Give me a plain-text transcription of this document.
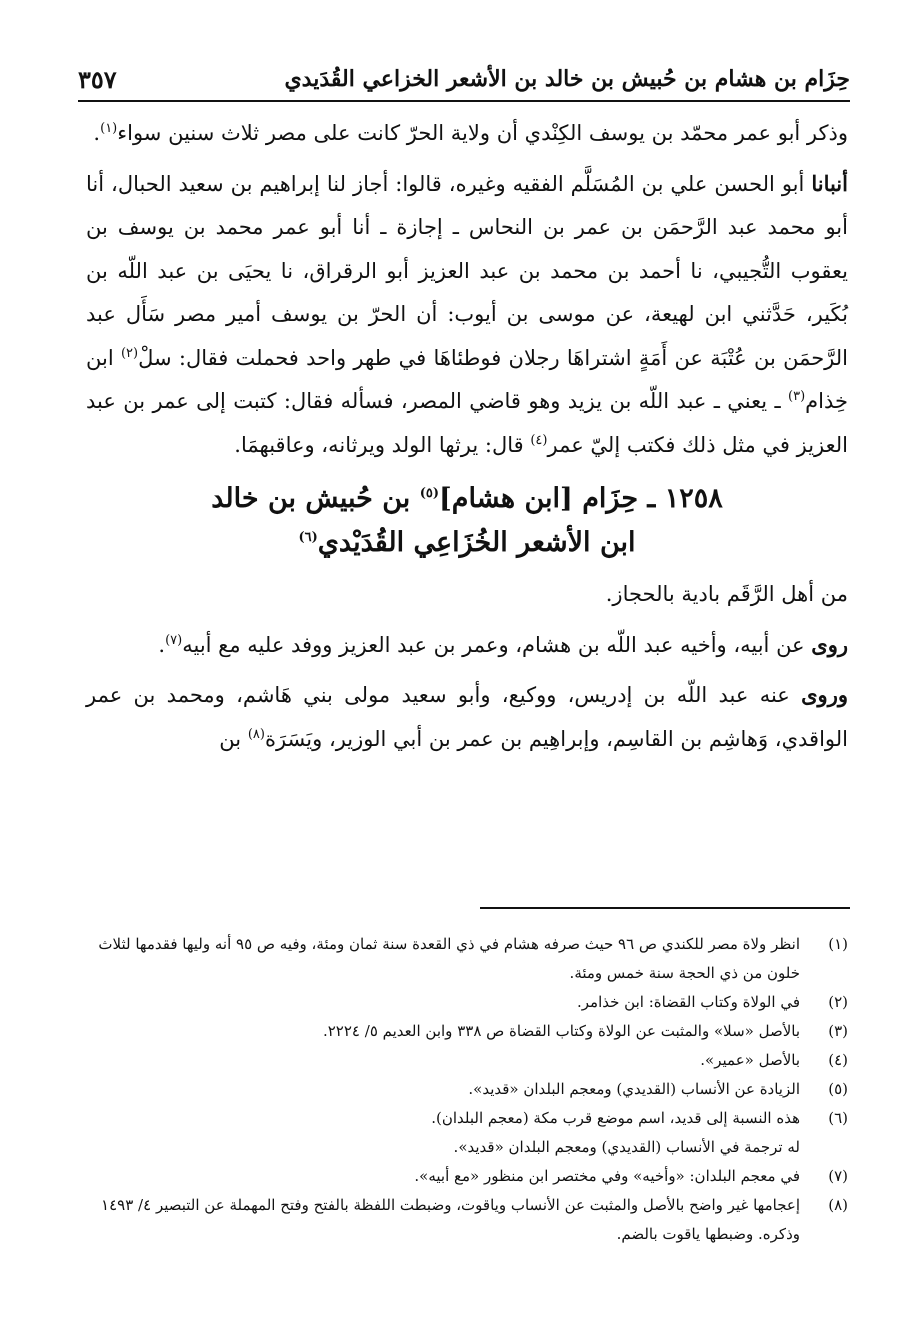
حِزَام بن هشام بن حُبيش بن خالد بن الأشعر الخزاعي القُدَيدي
٣٥٧

وذكر أبو عمر محمّد بن يوسف الكِنْدي أن ولاية الحرّ كانت على مصر ثلاث سنين سواء$^{(١)}$.

أنبانا أبو الحسن علي بن المُسَلَّم الفقيه وغيره، قالوا: أجاز لنا إبراهيم بن سعيد الحبال، أنا أبو محمد عبد الرَّحمَن بن عمر بن النحاس ـ إجازة ـ أنا أبو عمر محمد بن يوسف بن يعقوب التُّجيبي، نا أحمد بن محمد بن عبد العزيز أبو الرقراق، نا يحيَى بن عبد اللّه بن بُكَير، حَدَّثني ابن لهيعة، عن موسى بن أيوب: أن الحرّ بن يوسف أمير مصر سَأَل عبد الرَّحمَن بن عُتْبَة عن أَمَةٍ اشتراهَا رجلان فوطئاهَا في طهر واحد فحملت فقال: سلْ$^{(٢)}$ ابن خِذام$^{(٣)}$ ـ يعني ـ عبد اللّه بن يزيد وهو قاضي المصر، فسأله فقال: كتبت إلى عمر بن عبد العزيز في مثل ذلك فكتب إليّ عمر$^{(٤)}$ قال: يرثها الولد ويرثانه، وعاقبهمَا.

١٢٥٨ ـ حِزَام [ابن هشام]$^{(٥)}$ بن حُبيش بن خالد
ابن الأشعر الخُزَاعِي القُدَيْدي$^{(٦)}$

من أهل الرَّقَم بادية بالحجاز.

روى عن أبيه، وأخيه عبد اللّه بن هشام، وعمر بن عبد العزيز ووفد عليه مع أبيه$^{(٧)}$.

وروى عنه عبد اللّه بن إدريس، ووكيع، وأبو سعيد مولى بني هَاشم، ومحمد بن عمر الواقدي، وَهاشِم بن القاسِم، وإبراهِيم بن عمر بن أبي الوزير، ويَسَرَة$^{(٨)}$ بن

(١)
انظر ولاة مصر للكندي ص ٩٦ حيث صرفه هشام في ذي القعدة سنة ثمان ومئة، وفيه ص ٩٥ أنه وليها فقدمها لثلاث خلون من ذي الحجة سنة خمس ومئة.
(٢)
في الولاة وكتاب القضاة: ابن خذامر.
(٣)
بالأصل «سلا» والمثبت عن الولاة وكتاب القضاة ص ٣٣٨ وابن العديم ٥/ ٢٢٢٤.
(٤)
بالأصل «عمير».
(٥)
الزيادة عن الأنساب (القديدي) ومعجم البلدان «قديد».
(٦)
هذه النسبة إلى قديد، اسم موضع قرب مكة (معجم البلدان).
له ترجمة في الأنساب (القديدي) ومعجم البلدان «قديد».
(٧)
في معجم البلدان: «وأخيه» وفي مختصر ابن منظور «مع أبيه».
(٨)
إعجامها غير واضح بالأصل والمثبت عن الأنساب وياقوت، وضبطت اللفظة بالفتح وفتح المهملة عن التبصير ٤/ ١٤٩٣ وذكره. وضبطها ياقوت بالضم.
